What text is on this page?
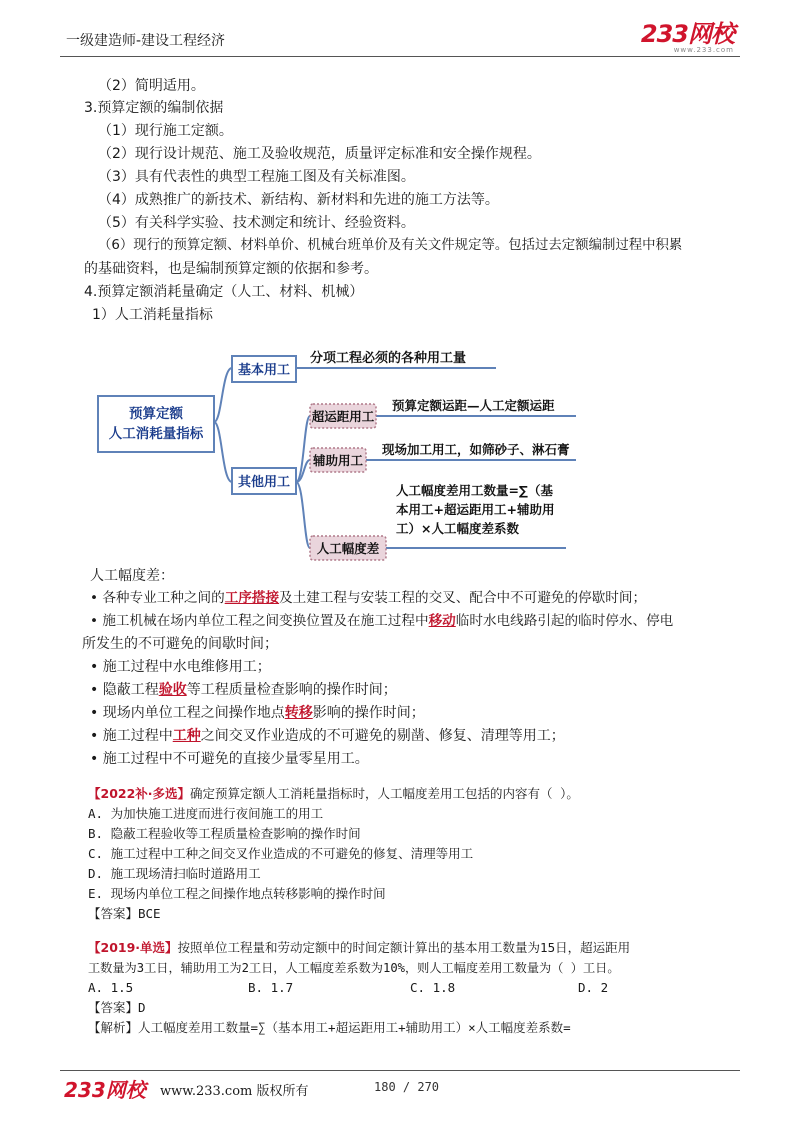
一级建造师-建设工程经济	233网校
www.233.com
（2）简明适用。
3.预算定额的编制依据
（1）现行施工定额。
（2）现行设计规范、施工及验收规范，质量评定标准和安全操作规程。
（3）具有代表性的典型工程施工图及有关标准图。
（4）成熟推广的新技术、新结构、新材料和先进的施工方法等。
（5）有关科学实验、技术测定和统计、经验资料。
（6）现行的预算定额、材料单价、机械台班单价及有关文件规定等。包括过去定额编制过程中积累
的基础资料，也是编制预算定额的依据和参考。
4.预算定额消耗量确定（人工、材料、机械）
1）人工消耗量指标
预算定额
人工消耗量指标
基本用工
分项工程必须的各种用工量
其他用工
超运距用工
预算定额运距—人工定额运距
辅助用工
现场加工用工，如筛砂子、淋石膏
人工幅度差
人工幅度差用工数量=∑（基
本用工+超运距用工+辅助用
工）×人工幅度差系数
人工幅度差：
• 各种专业工种之间的工序搭接及土建工程与安装工程的交叉、配合中不可避免的停歇时间；
• 施工机械在场内单位工程之间变换位置及在施工过程中移动临时水电线路引起的临时停水、停电
所发生的不可避免的间歇时间；
• 施工过程中水电维修用工；
• 隐蔽工程验收等工程质量检查影响的操作时间；
• 现场内单位工程之间操作地点转移影响的操作时间；
• 施工过程中工种之间交叉作业造成的不可避免的剔凿、修复、清理等用工；
• 施工过程中不可避免的直接少量零星用工。
【2022补·多选】确定预算定额人工消耗量指标时，人工幅度差用工包括的内容有（ ）。
A. 为加快施工进度而进行夜间施工的用工
B. 隐蔽工程验收等工程质量检查影响的操作时间
C. 施工过程中工种之间交叉作业造成的不可避免的修复、清理等用工
D. 施工现场清扫临时道路用工
E. 现场内单位工程之间操作地点转移影响的操作时间
【答案】BCE
【2019·单选】按照单位工程量和劳动定额中的时间定额计算出的基本用工数量为15日，超运距用
工数量为3工日，辅助用工为2工日，人工幅度差系数为10%，则人工幅度差用工数量为（ ）工日。
A. 1.5	B. 1.7	C. 1.8	D. 2
【答案】D
【解析】人工幅度差用工数量=∑（基本用工+超运距用工+辅助用工）×人工幅度差系数=
233网校 www.233.com 版权所有	180 / 270
